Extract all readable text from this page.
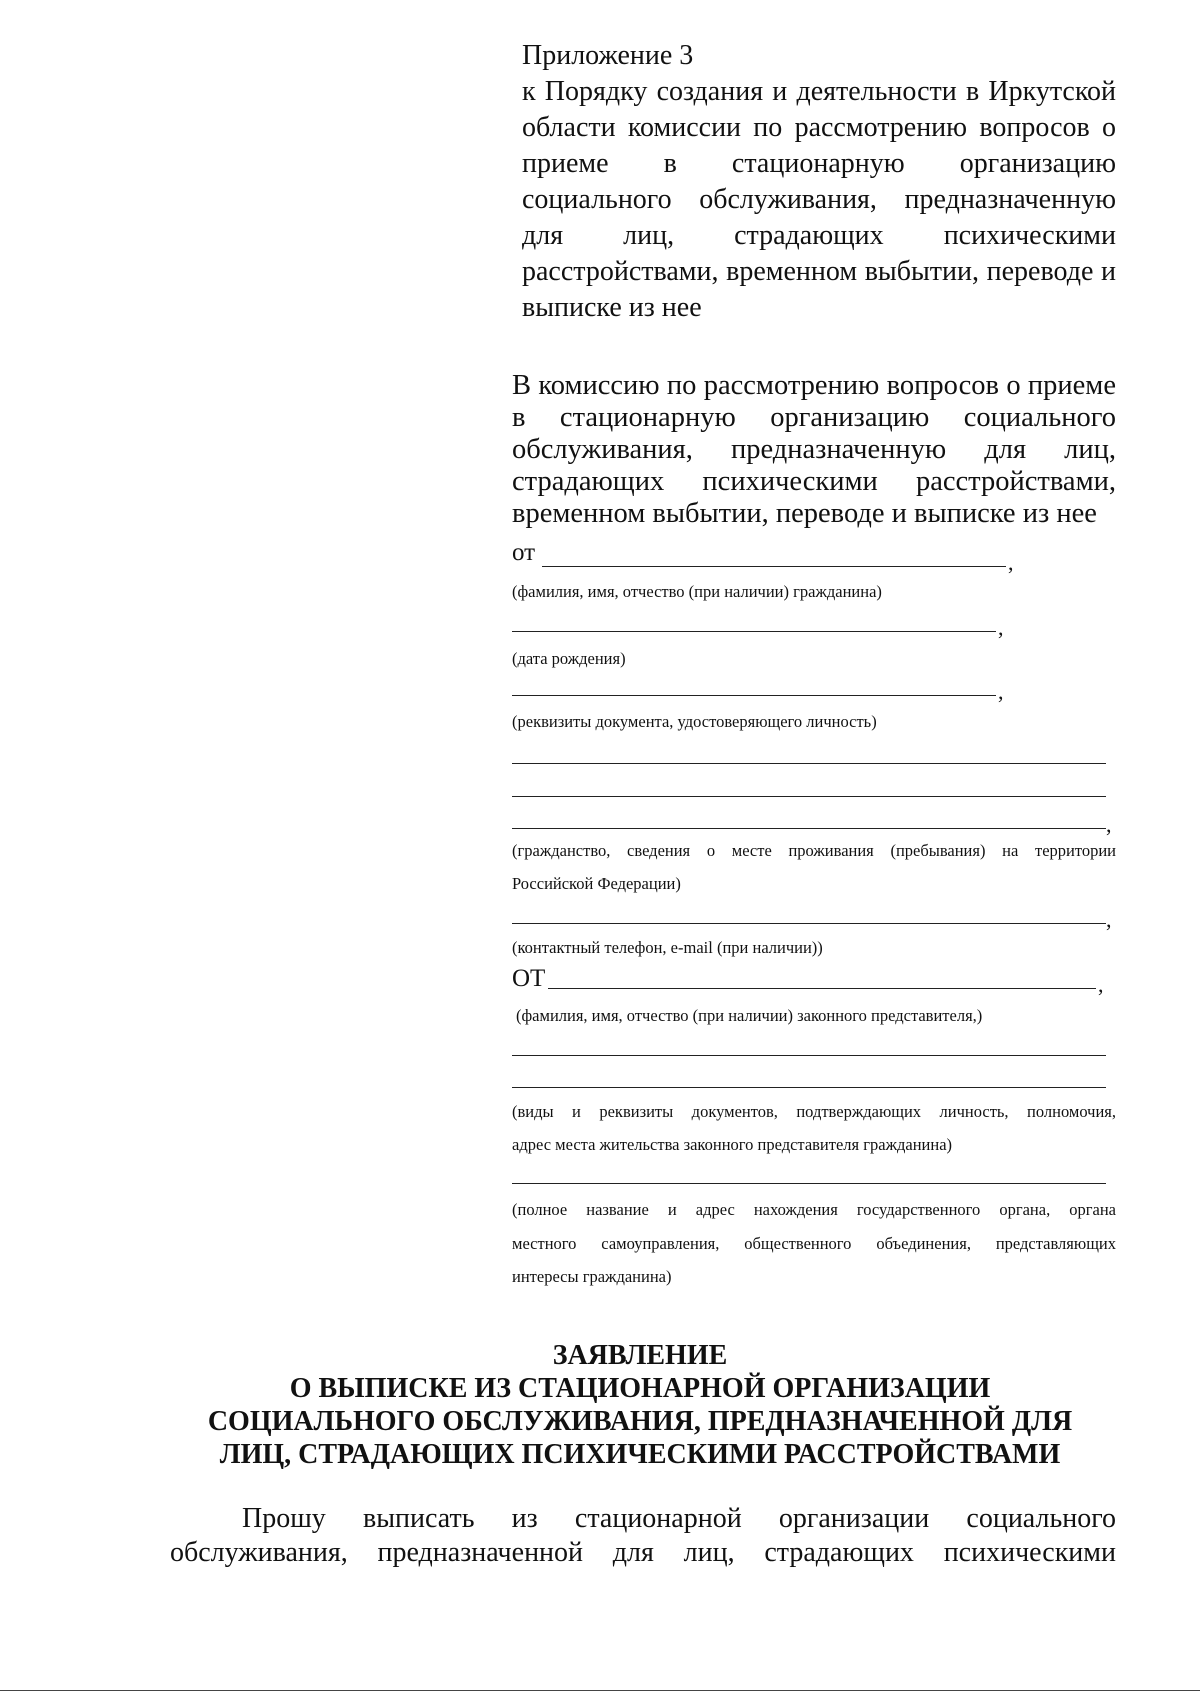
Приложение 3
к Порядку создания и деятельности в Иркутской
области комиссии по рассмотрению вопросов о
приеме в стационарную организацию
социального обслуживания, предназначенную
для лиц, страдающих психическими
расстройствами, временном выбытии, переводе и
выписке из нее
В комиссию по рассмотрению вопросов о приеме
в стационарную организацию социального
обслуживания, предназначенную для лиц,
страдающих психическими расстройствами,
временном выбытии, переводе и выписке из нее
от	,
(фамилия, имя, отчество (при наличии) гражданина)
,
(дата рождения)
,
(реквизиты документа, удостоверяющего личность)
,
(гражданство, сведения о месте проживания (пребывания) на территории
Российской Федерации)
,
(контактный телефон, e-mail (при наличии))
ОТ	,
(фамилия, имя, отчество (при наличии) законного представителя,)
(виды и реквизиты документов, подтверждающих личность, полномочия,
адрес места жительства законного представителя гражданина)
(полное название и адрес нахождения государственного органа, органа
местного самоуправления, общественного объединения, представляющих
интересы гражданина)
ЗАЯВЛЕНИЕ
О ВЫПИСКЕ ИЗ СТАЦИОНАРНОЙ ОРГАНИЗАЦИИ
СОЦИАЛЬНОГО ОБСЛУЖИВАНИЯ, ПРЕДНАЗНАЧЕННОЙ ДЛЯ
ЛИЦ, СТРАДАЮЩИХ ПСИХИЧЕСКИМИ РАССТРОЙСТВАМИ
Прошу выписать из стационарной организации социального
обслуживания, предназначенной для лиц, страдающих психическими
